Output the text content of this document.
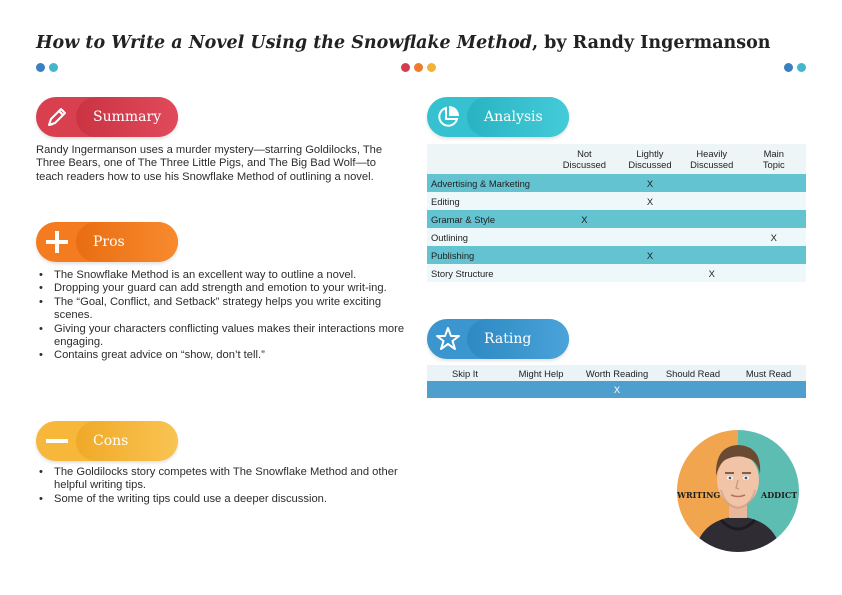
How to Write a Novel Using the Snowflake Method, by Randy Ingermanson
Summary
Randy Ingermanson uses a murder mystery—starring Goldilocks, The Three Bears, one of The Three Little Pigs, and The Big Bad Wolf—to teach readers how to use his Snowflake Method of outlining a novel.
Pros
• The Snowflake Method is an excellent way to outline a novel.
• Dropping your guard can add strength and emotion to your writ-ing.
• The “Goal, Conflict, and Setback” strategy helps you write exciting scenes.
• Giving your characters conflicting values makes their interactions more engaging.
• Contains great advice on “show, don’t tell.”
Cons
• The Goldilocks story competes with The Snowflake Method and other helpful writing tips.
• Some of the writing tips could use a deeper discussion.
Analysis
	Not Discussed	Lightly Discussed	Heavily Discussed	Main Topic
Advertising & Marketing		X		
Editing		X		
Gramar & Style	X			
Outlining				X
Publishing		X		
Story Structure			X	
Rating
Skip It	Might Help	Worth Reading	Should Read	Must Read
		X		
WRITING	ADDICT
